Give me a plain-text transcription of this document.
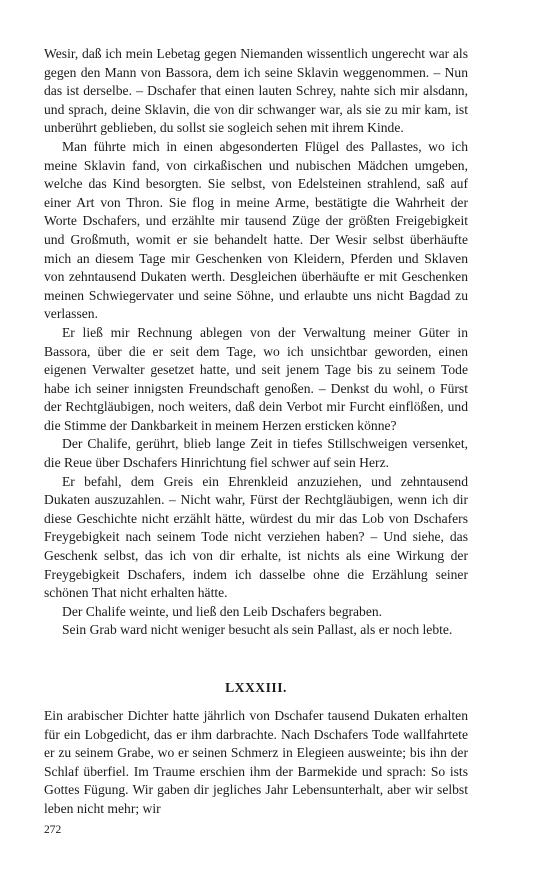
Wesir, daß ich mein Lebetag gegen Niemanden wissentlich ungerecht war als gegen den Mann von Bassora, dem ich seine Sklavin weggenommen. – Nun das ist derselbe. – Dschafer that einen lauten Schrey, nahte sich mir alsdann, und sprach, deine Sklavin, die von dir schwanger war, als sie zu mir kam, ist unberührt geblieben, du sollst sie sogleich sehen mit ihrem Kinde.

Man führte mich in einen abgesonderten Flügel des Pallastes, wo ich meine Sklavin fand, von cirkaßischen und nubischen Mädchen umgeben, welche das Kind besorgten. Sie selbst, von Edelsteinen strahlend, saß auf einer Art von Thron. Sie flog in meine Arme, bestätigte die Wahrheit der Worte Dschafers, und erzählte mir tausend Züge der größten Freigebigkeit und Großmuth, womit er sie behandelt hatte. Der Wesir selbst überhäufte mich an diesem Tage mir Geschenken von Kleidern, Pferden und Sklaven von zehntausend Dukaten werth. Desgleichen überhäufte er mit Geschenken meinen Schwiegervater und seine Söhne, und erlaubte uns nicht Bagdad zu verlassen.

Er ließ mir Rechnung ablegen von der Verwaltung meiner Güter in Bassora, über die er seit dem Tage, wo ich unsichtbar geworden, einen eigenen Verwalter gesetzet hatte, und seit jenem Tage bis zu seinem Tode habe ich seiner innigsten Freundschaft genoßen. – Denkst du wohl, o Fürst der Rechtgläubigen, noch weiters, daß dein Verbot mir Furcht einflößen, und die Stimme der Dankbarkeit in meinem Herzen ersticken könne?

Der Chalife, gerührt, blieb lange Zeit in tiefes Stillschweigen versenket, die Reue über Dschafers Hinrichtung fiel schwer auf sein Herz.

Er befahl, dem Greis ein Ehrenkleid anzuziehen, und zehntausend Dukaten auszuzahlen. – Nicht wahr, Fürst der Rechtgläubigen, wenn ich dir diese Geschichte nicht erzählt hätte, würdest du mir das Lob von Dschafers Freygebigkeit nach seinem Tode nicht verziehen haben? – Und siehe, das Geschenk selbst, das ich von dir erhalte, ist nichts als eine Wirkung der Freygebigkeit Dschafers, indem ich dasselbe ohne die Erzählung seiner schönen That nicht erhalten hätte.

Der Chalife weinte, und ließ den Leib Dschafers begraben.

Sein Grab ward nicht weniger besucht als sein Pallast, als er noch lebte.

LXXXIII.

Ein arabischer Dichter hatte jährlich von Dschafer tausend Dukaten erhalten für ein Lobgedicht, das er ihm darbrachte. Nach Dschafers Tode wallfahrtete er zu seinem Grabe, wo er seinen Schmerz in Elegieen ausweinte; bis ihn der Schlaf überfiel. Im Traume erschien ihm der Barmekide und sprach: So ists Gottes Fügung. Wir gaben dir jegliches Jahr Lebensunterhalt, aber wir selbst leben nicht mehr; wir

272
